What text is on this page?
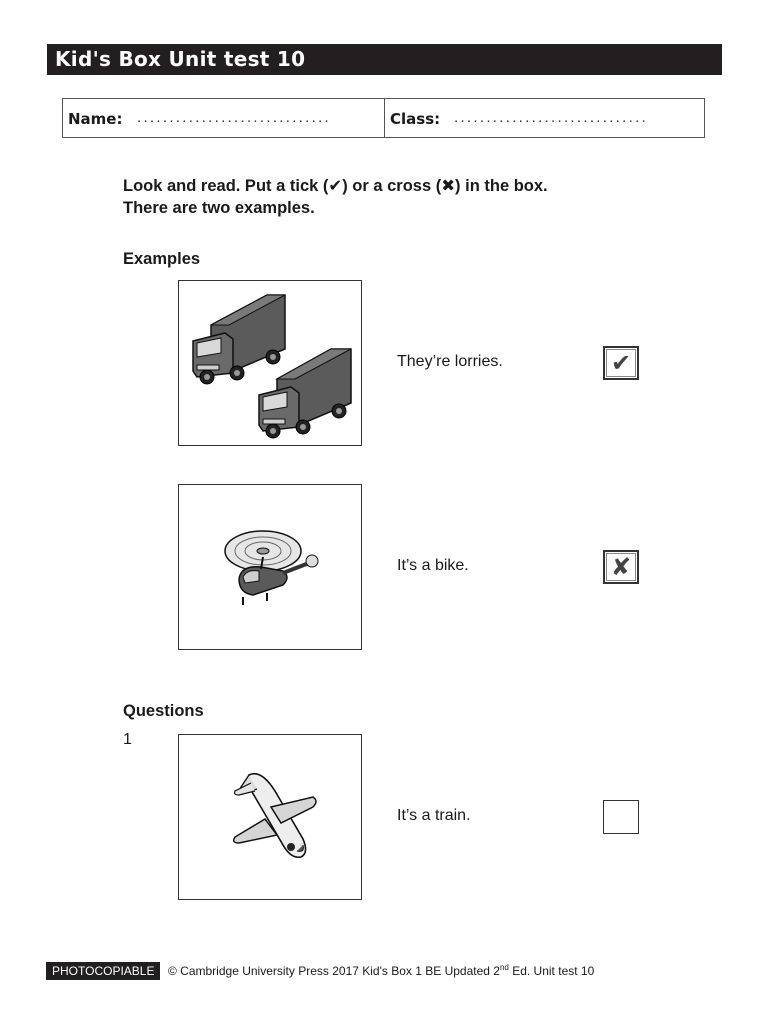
Kid's Box Unit test 10
Name: ..............................	Class: ..............................
Look and read. Put a tick (✔) or a cross (✖) in the box.
There are two examples.
Examples
They’re lorries.	✔
It’s a bike.	✘
Questions
1
It’s a train.
PHOTOCOPIABLE	© Cambridge University Press 2017 Kid's Box 1 BE Updated 2nd Ed. Unit test 10
